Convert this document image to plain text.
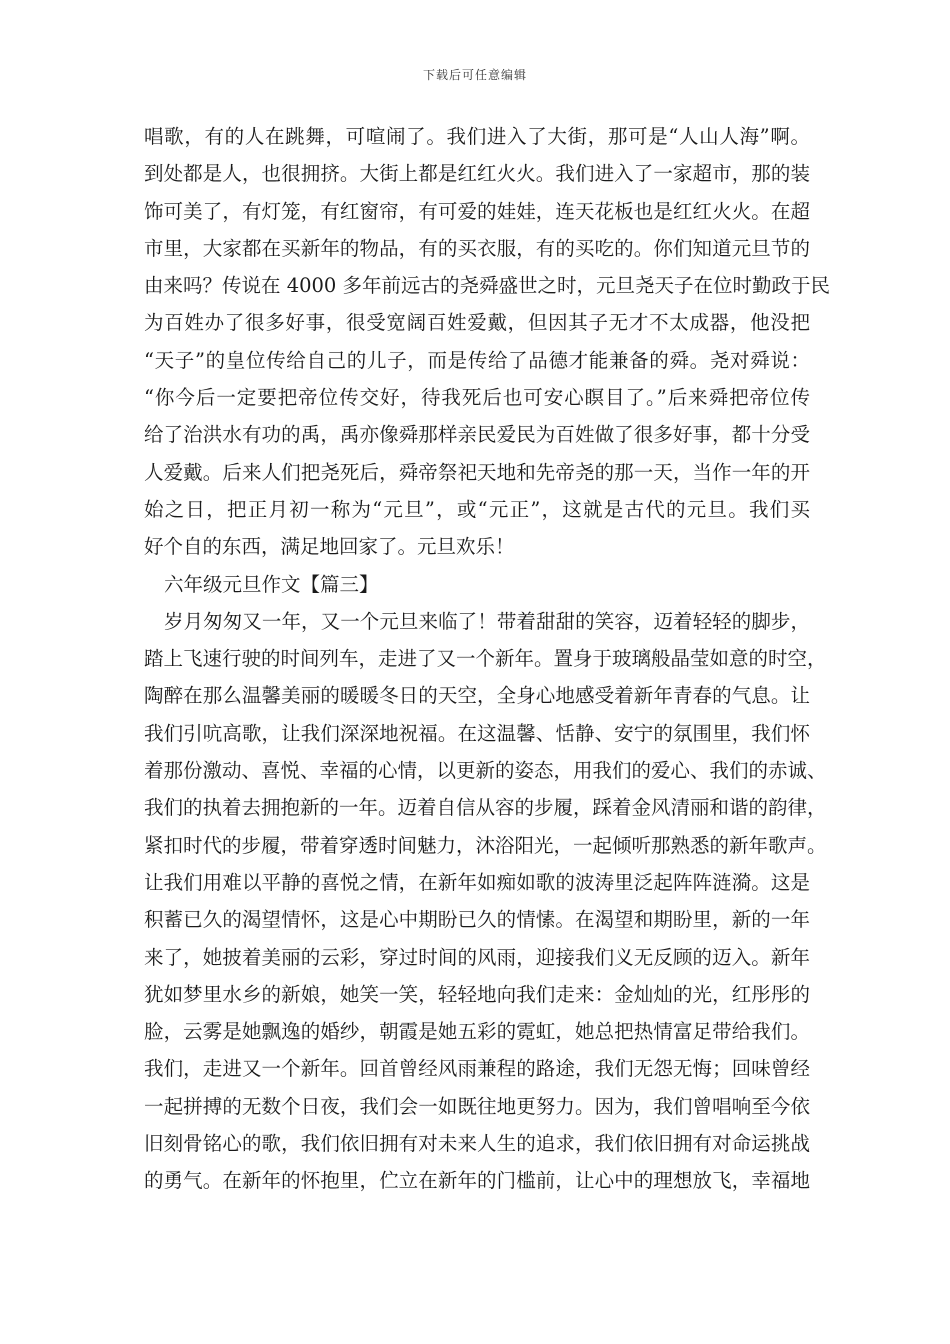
下载后可任意编辑
唱歌，有的人在跳舞，可喧闹了。我们进入了大街，那可是“人山人海”啊。
到处都是人，也很拥挤。大街上都是红红火火。我们进入了一家超市，那的装
饰可美了，有灯笼，有红窗帘，有可爱的娃娃，连天花板也是红红火火。在超
市里，大家都在买新年的物品，有的买衣服，有的买吃的。你们知道元旦节的
由来吗？传说在 4000 多年前远古的尧舜盛世之时，元旦尧天子在位时勤政于民
为百姓办了很多好事，很受宽阔百姓爱戴，但因其子无才不太成器，他没把
“天子”的皇位传给自己的儿子，而是传给了品德才能兼备的舜。尧对舜说：
“你今后一定要把帝位传交好，待我死后也可安心瞑目了。”后来舜把帝位传
给了治洪水有功的禹，禹亦像舜那样亲民爱民为百姓做了很多好事，都十分受
人爱戴。后来人们把尧死后，舜帝祭祀天地和先帝尧的那一天，当作一年的开
始之日，把正月初一称为“元旦”，或“元正”，这就是古代的元旦。我们买
好个自的东西，满足地回家了。元旦欢乐！
六年级元旦作文【篇三】
岁月匆匆又一年，又一个元旦来临了！带着甜甜的笑容，迈着轻轻的脚步，
踏上飞速行驶的时间列车，走进了又一个新年。置身于玻璃般晶莹如意的时空，
陶醉在那么温馨美丽的暖暖冬日的天空，全身心地感受着新年青春的气息。让
我们引吭高歌，让我们深深地祝福。在这温馨、恬静、安宁的氛围里，我们怀
着那份激动、喜悦、幸福的心情，以更新的姿态，用我们的爱心、我们的赤诚、
我们的执着去拥抱新的一年。迈着自信从容的步履，踩着金风清丽和谐的韵律，
紧扣时代的步履，带着穿透时间魅力，沐浴阳光，一起倾听那熟悉的新年歌声。
让我们用难以平静的喜悦之情，在新年如痴如歌的波涛里泛起阵阵涟漪。这是
积蓄已久的渴望情怀，这是心中期盼已久的情愫。在渴望和期盼里，新的一年
来了，她披着美丽的云彩，穿过时间的风雨，迎接我们义无反顾的迈入。新年
犹如梦里水乡的新娘，她笑一笑，轻轻地向我们走来：金灿灿的光，红彤彤的
脸，云雾是她飘逸的婚纱，朝霞是她五彩的霓虹，她总把热情富足带给我们。
我们，走进又一个新年。回首曾经风雨兼程的路途，我们无怨无悔；回味曾经
一起拼搏的无数个日夜，我们会一如既往地更努力。因为，我们曾唱响至今依
旧刻骨铭心的歌，我们依旧拥有对未来人生的追求，我们依旧拥有对命运挑战
的勇气。在新年的怀抱里，伫立在新年的门槛前，让心中的理想放飞，幸福地
